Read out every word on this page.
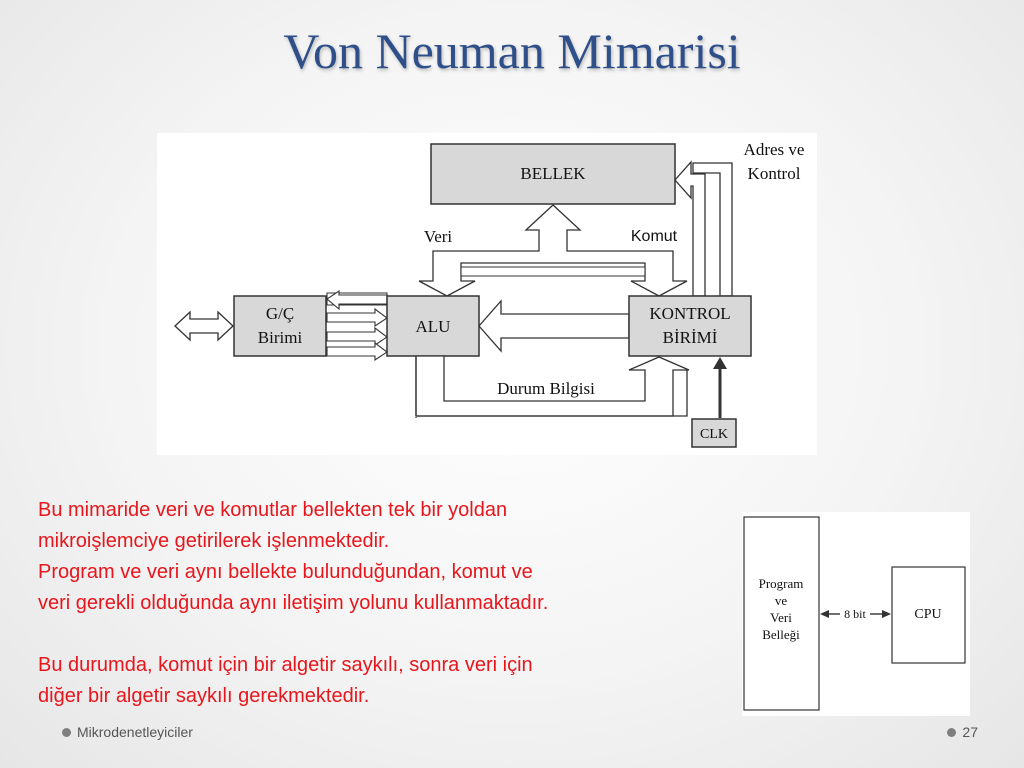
Von Neuman Mimarisi
BELLEK
Adres ve
Kontrol
Veri	Komut
G/Ç
Birimi
ALU
KONTROL
BİRİMİ
Durum Bilgisi
CLK

Bu mimaride veri ve komutlar bellekten tek bir yoldan

mikroişlemciye getirilerek işlenmektedir.

Program ve veri aynı bellekte bulunduğundan, komut ve

veri gerekli olduğunda aynı iletişim yolunu kullanmaktadır.

Bu durumda, komut için bir algetir saykılı, sonra veri için

diğer bir algetir saykılı gerekmektedir.

Program
ve
Veri
Belleği
8 bit	CPU
Mikrodenetleyiciler	27
